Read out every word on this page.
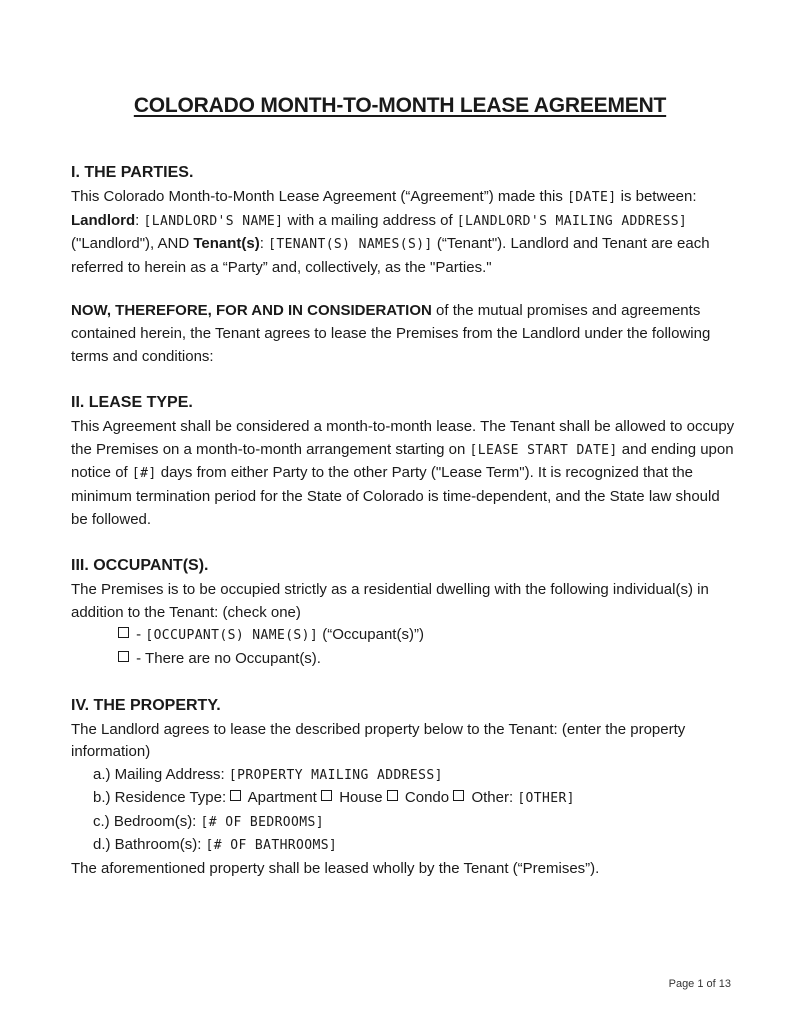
COLORADO MONTH-TO-MONTH LEASE AGREEMENT
I. THE PARTIES.

This Colorado Month-to-Month Lease Agreement (“Agreement”) made this [DATE] is between:

Landlord: [LANDLORD'S NAME] with a mailing address of [LANDLORD'S MAILING ADDRESS] ("Landlord"), AND Tenant(s): [TENANT(S) NAMES(S)] (“Tenant"). Landlord and Tenant are each referred to herein as a “Party” and, collectively, as the "Parties."

NOW, THEREFORE, FOR AND IN CONSIDERATION of the mutual promises and agreements contained herein, the Tenant agrees to lease the Premises from the Landlord under the following terms and conditions:

II. LEASE TYPE.

This Agreement shall be considered a month-to-month lease. The Tenant shall be allowed to occupy the Premises on a month-to-month arrangement starting on [LEASE START DATE] and ending upon notice of [#] days from either Party to the other Party ("Lease Term"). It is recognized that the minimum termination period for the State of Colorado is time-dependent, and the State law should be followed.

III. OCCUPANT(S).

The Premises is to be occupied strictly as a residential dwelling with the following individual(s) in addition to the Tenant: (check one)

- [OCCUPANT(S) NAME(S)] (“Occupant(s)”)

- There are no Occupant(s).

IV. THE PROPERTY.

The Landlord agrees to lease the described property below to the Tenant: (enter the property information)

a.) Mailing Address: [PROPERTY MAILING ADDRESS]

b.) Residence Type:  Apartment  House  Condo  Other: [OTHER]

c.) Bedroom(s): [# OF BEDROOMS]

d.) Bathroom(s): [# OF BATHROOMS]

The aforementioned property shall be leased wholly by the Tenant (“Premises”).

Page 1 of 13
